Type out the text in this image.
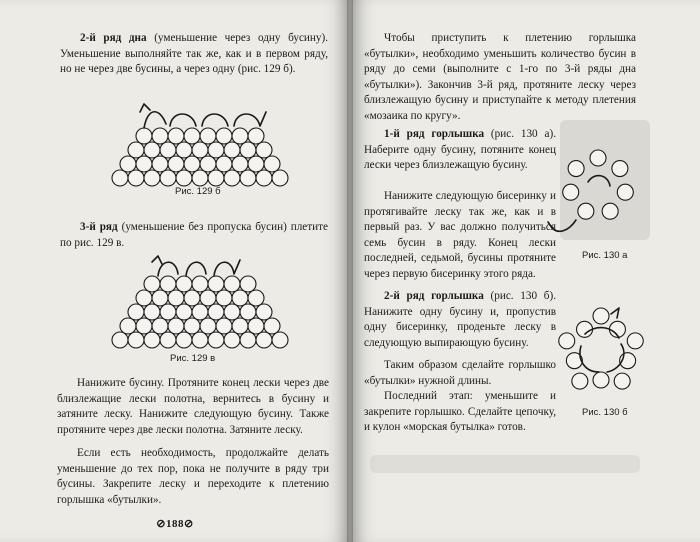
2-й ряд дна (уменьшение через одну бусину). Уменьшение выполняйте так же, как и в первом ряду, но не через две бусины, а через одну (рис. 129 б).

Рис. 129 б

3-й ряд (уменьшение без пропуска бусин) плетите по рис. 129 в.

Рис. 129 в

Нанижите бусину. Протяните конец лески через две близлежащие лески полотна, вернитесь в бусину и затяните леску. Нанижите следующую бусину. Также протяните через две лески полотна. Затяните леску.

Если есть необходимость, продолжайте делать уменьшение до тех пор, пока не получите в ряду три бусины. Закрепите леску и переходите к плетению горлышка «бутылки».

⊘188⊘

Чтобы приступить к плетению горлышка «бутылки», необходимо уменьшить количество бусин в ряду до семи (выполните с 1-го по 3-й ряды дна «бутылки»). Закончив 3-й ряд, протяните леску через близлежащую бусину и приступайте к методу плетения «мозаика по кругу».

1-й ряд горлышка (рис. 130 а). Наберите одну бусину, потяните конец лески через близлежащую бусину.

Нанижите следующую бисеринку и протягивайте леску так же, как и в первый раз. У вас должно получиться семь бусин в ряду. Конец лески последней, седьмой, бусины протяните через первую бисеринку этого ряда.

Рис. 130 а

2-й ряд горлышка (рис. 130 б). Нанижите одну бусину и, пропустив одну бисеринку, проденьте леску в следующую выпирающую бусину.

Таким образом сделайте горлышко «бутылки» нужной длины.

Последний этап: уменьшите и закрепите горлышко. Сделайте цепочку, и кулон «морская бутылка» готов.

Рис. 130 б
